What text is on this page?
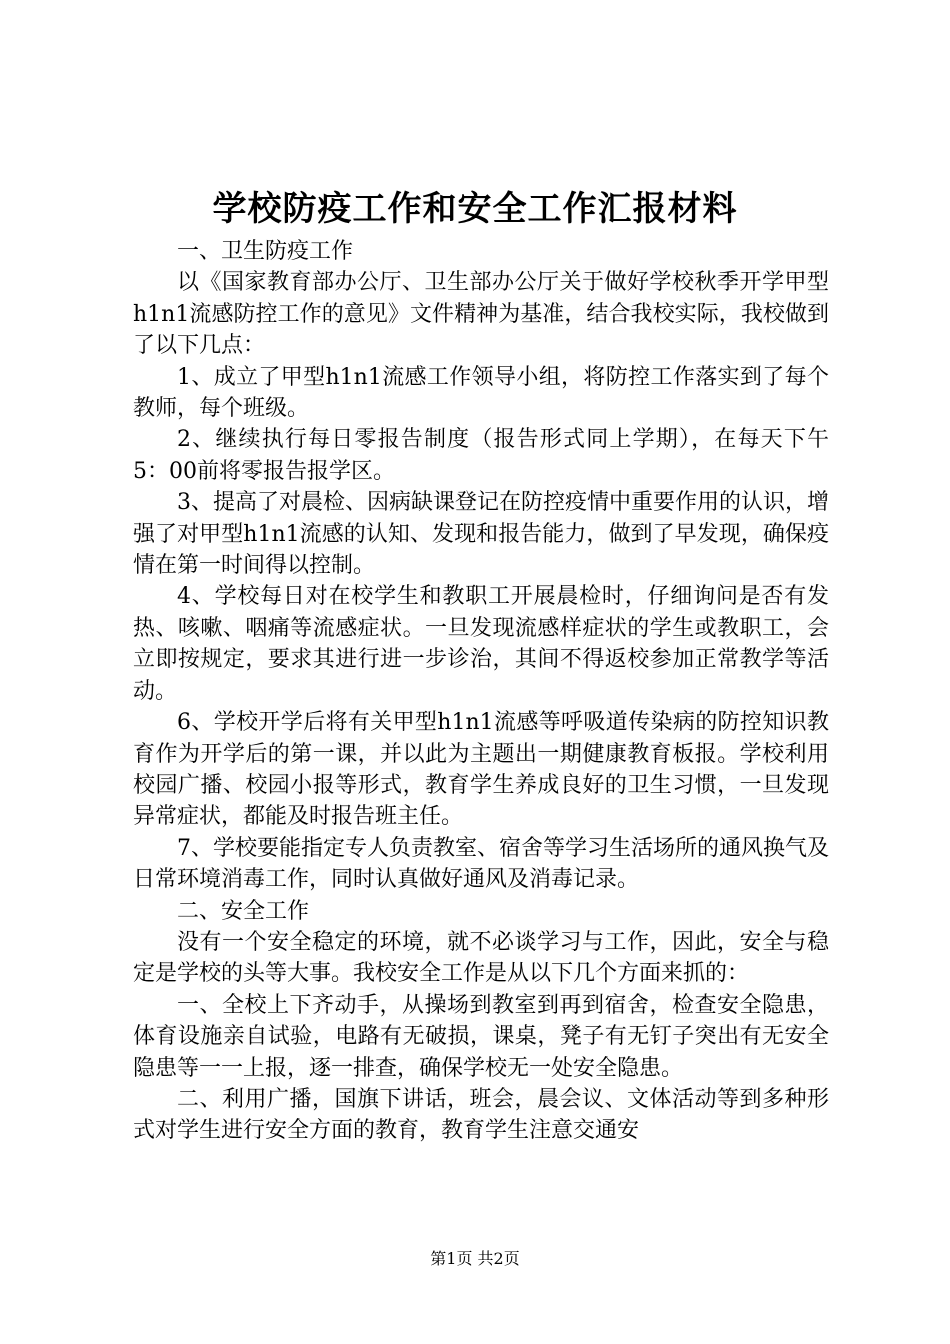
学校防疫工作和安全工作汇报材料

一、卫生防疫工作

以《国家教育部办公厅、卫生部办公厅关于做好学校秋季开学甲型h1n1流感防控工作的意见》文件精神为基准，结合我校实际，我校做到了以下几点：

1、成立了甲型h1n1流感工作领导小组，将防控工作落实到了每个教师，每个班级。

2、继续执行每日零报告制度（报告形式同上学期），在每天下午5：00前将零报告报学区。

3、提高了对晨检、因病缺课登记在防控疫情中重要作用的认识，增强了对甲型h1n1流感的认知、发现和报告能力，做到了早发现，确保疫情在第一时间得以控制。

4、学校每日对在校学生和教职工开展晨检时，仔细询问是否有发热、咳嗽、咽痛等流感症状。一旦发现流感样症状的学生或教职工，会立即按规定，要求其进行进一步诊治，其间不得返校参加正常教学等活动。

6、学校开学后将有关甲型h1n1流感等呼吸道传染病的防控知识教育作为开学后的第一课，并以此为主题出一期健康教育板报。学校利用校园广播、校园小报等形式，教育学生养成良好的卫生习惯，一旦发现异常症状，都能及时报告班主任。

7、学校要能指定专人负责教室、宿舍等学习生活场所的通风换气及日常环境消毒工作，同时认真做好通风及消毒记录。

二、安全工作

没有一个安全稳定的环境，就不必谈学习与工作，因此，安全与稳定是学校的头等大事。我校安全工作是从以下几个方面来抓的：

一、全校上下齐动手，从操场到教室到再到宿舍，检查安全隐患，体育设施亲自试验，电路有无破损，课桌，凳子有无钉子突出有无安全隐患等一一上报，逐一排查，确保学校无一处安全隐患。

二、利用广播，国旗下讲话，班会，晨会议、文体活动等到多种形式对学生进行安全方面的教育，教育学生注意交通安

第1页 共2页
